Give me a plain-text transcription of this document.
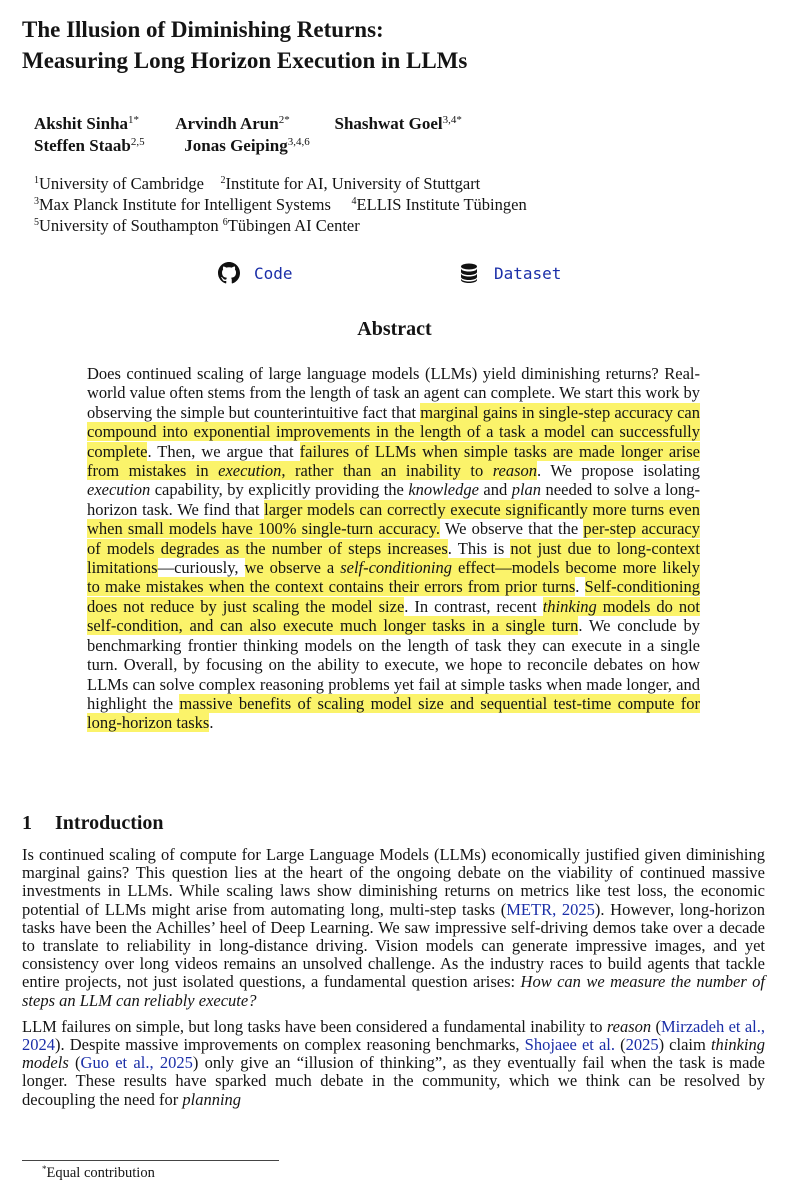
The Illusion of Diminishing Returns:
Measuring Long Horizon Execution in LLMs
Akshit Sinha$^{1*}$ Arvindh Arun$^{2*}$	Shashwat Goel$^{3,4*}$
Steffen Staab$^{2,5}$ Jonas Geiping$^{3,4,6}$
$^1$University of Cambridge $^2$Institute for AI, University of Stuttgart
$^3$Max Planck Institute for Intelligent Systems $^4$ELLIS Institute Tübingen
$^5$University of Southampton $^6$Tübingen AI Center
Code	Dataset
Abstract
Does continued scaling of large language models (LLMs) yield diminishing returns? Real-world value often stems from the length of task an agent can complete. We start this work by observing the simple but counterintuitive fact that marginal gains in single-step accuracy can compound into exponential improvements in the length of a task a model can successfully complete. Then, we argue that failures of LLMs when simple tasks are made longer arise from mistakes in execution, rather than an inability to reason. We propose isolating execution capability, by explicitly providing the knowledge and plan needed to solve a long-horizon task. We find that larger models can correctly execute significantly more turns even when small models have 100% single-turn accuracy. We observe that the per-step accuracy of models degrades as the number of steps increases. This is not just due to long-context limitations—curiously, we observe a self-conditioning effect—models become more likely to make mistakes when the context contains their errors from prior turns. Self-conditioning does not reduce by just scaling the model size. In contrast, recent thinking models do not self-condition, and can also execute much longer tasks in a single turn. We conclude by benchmarking frontier thinking models on the length of task they can execute in a single turn. Overall, by focusing on the ability to execute, we hope to reconcile debates on how LLMs can solve complex reasoning problems yet fail at simple tasks when made longer, and highlight the massive benefits of scaling model size and sequential test-time compute for long-horizon tasks.
1 Introduction

Is continued scaling of compute for Large Language Models (LLMs) economically justified given diminishing marginal gains? This question lies at the heart of the ongoing debate on the viability of continued massive investments in LLMs. While scaling laws show diminishing returns on metrics like test loss, the economic potential of LLMs might arise from automating long, multi-step tasks (METR, 2025). However, long-horizon tasks have been the Achilles’ heel of Deep Learning. We saw impressive self-driving demos take over a decade to translate to reliability in long-distance driving. Vision models can generate impressive images, and yet consistency over long videos remains an unsolved challenge. As the industry races to build agents that tackle entire projects, not just isolated questions, a fundamental question arises: How can we measure the number of steps an LLM can reliably execute?

LLM failures on simple, but long tasks have been considered a fundamental inability to reason (Mirzadeh et al., 2024). Despite massive improvements on complex reasoning benchmarks, Shojaee et al. (2025) claim thinking models (Guo et al., 2025) only give an “illusion of thinking”, as they eventually fail when the task is made longer. These results have sparked much debate in the community, which we think can be resolved by decoupling the need for planning

*Equal contribution
